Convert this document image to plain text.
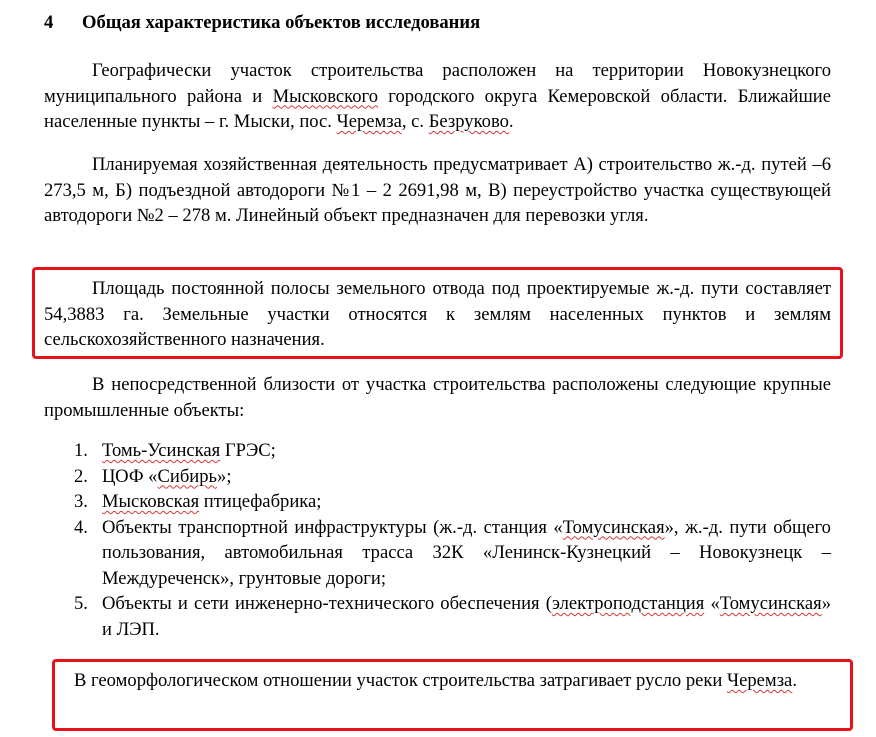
4 Общая характеристика объектов исследования

Географически участок строительства расположен на территории Новокузнецкого муниципального района и Мысковского городского округа Кемеровской области. Ближайшие населенные пункты – г. Мыски, пос. Черемза, с. Безруково.

Планируемая хозяйственная деятельность предусматривает А) строительство ж.-д. путей –6 273,5 м, Б) подъездной автодороги №1 – 2 2691,98 м, В) переустройство участка существующей автодороги №2 – 278 м. Линейный объект предназначен для перевозки угля.

Площадь постоянной полосы земельного отвода под проектируемые ж.-д. пути составляет 54,3883 га. Земельные участки относятся к землям населенных пунктов и землям сельскохозяйственного назначения.

В непосредственной близости от участка строительства расположены следующие крупные промышленные объекты:

1. Томь-Усинская ГРЭС;
2. ЦОФ «Сибирь»;
3. Мысковская птицефабрика;
4. Объекты транспортной инфраструктуры (ж.-д. станция «Томусинская», ж.-д. пути общего пользования, автомобильная трасса 32К «Ленинск-Кузнецкий – Новокузнецк – Междуреченск», грунтовые дороги;
5. Объекты и сети инженерно-технического обеспечения (электроподстанция «Томусинская» и ЛЭП.

В геоморфологическом отношении участок строительства затрагивает русло реки Черемза.
